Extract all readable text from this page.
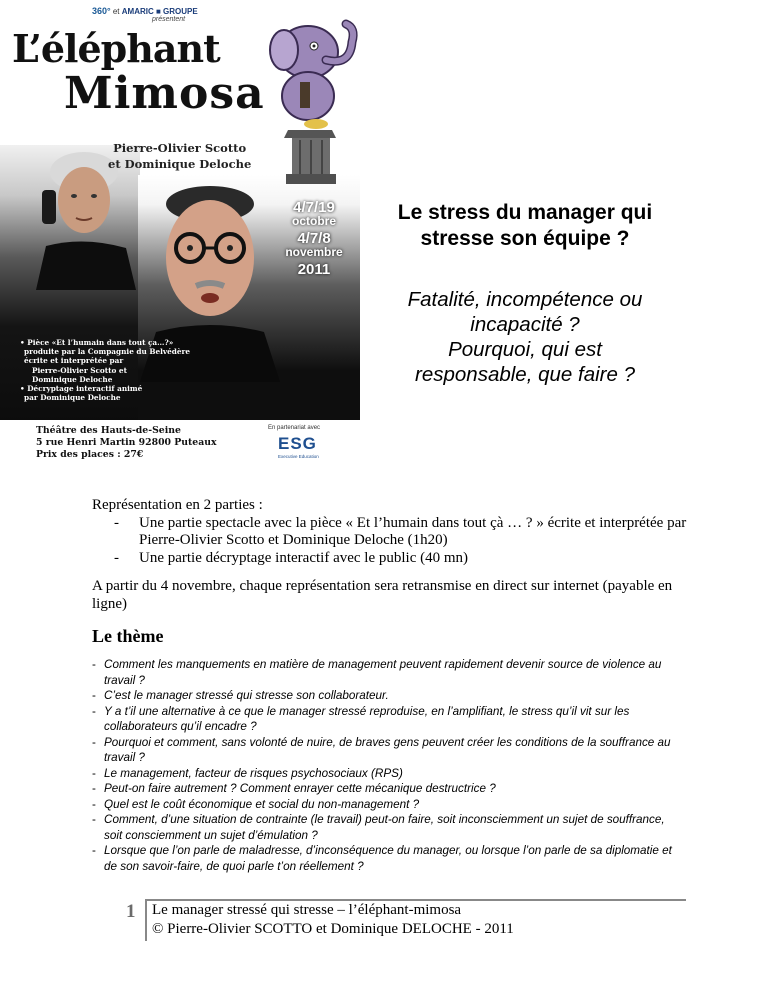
360° et AMARIC ■ GROUPE
présentent
L’éléphant
Mimosa
Pierre-Olivier Scotto
et Dominique Deloche
4/7/19
octobre
4/7/8
novembre
2011
• Pièce «Et l’humain dans tout ça…?»
produite par la Compagnie du Belvédère
écrite et interprétée par
Pierre-Olivier Scotto et
Dominique Deloche
• Décryptage interactif animé
par Dominique Deloche
Théâtre des Hauts-de-Seine
5 rue Henri Martin 92800 Puteaux
Prix des places : 27€
En partenariat avec
ESG
Executive Education
Le stress du manager qui
stresse son équipe ?
Fatalité, incompétence ou
incapacité ?
Pourquoi, qui est
responsable, que faire ?
Représentation en 2 parties :
- Une partie spectacle avec la pièce « Et l’humain dans tout çà … ? » écrite et interprétée par Pierre-Olivier Scotto et Dominique Deloche (1h20)
- Une partie décryptage interactif avec le public (40 mn)
A partir du 4 novembre, chaque représentation sera retransmise en direct sur internet (payable en ligne)
Le thème
- Comment les manquements en matière de management peuvent rapidement devenir source de violence au travail ?
- C’est le manager stressé qui stresse son collaborateur.
- Y a t’il une alternative à ce que le manager stressé reproduise, en l’amplifiant, le stress qu’il vit sur les collaborateurs qu’il encadre ?
- Pourquoi et comment, sans volonté de nuire, de braves gens peuvent créer les conditions de la souffrance au travail ?
- Le management, facteur de risques psychosociaux (RPS)
- Peut-on faire autrement ? Comment enrayer cette mécanique destructrice ?
- Quel est le coût économique et social du non-management ?
- Comment, d’une situation de contrainte (le travail) peut-on faire, soit inconsciemment un sujet de souffrance, soit consciemment un sujet d’émulation ?
- Lorsque que l’on parle de maladresse, d’inconséquence du manager, ou lorsque l’on parle de sa diplomatie et de son savoir-faire, de quoi parle t’on réellement ?
1 Le manager stressé qui stresse – l’éléphant-mimosa
© Pierre-Olivier SCOTTO et Dominique DELOCHE - 2011
